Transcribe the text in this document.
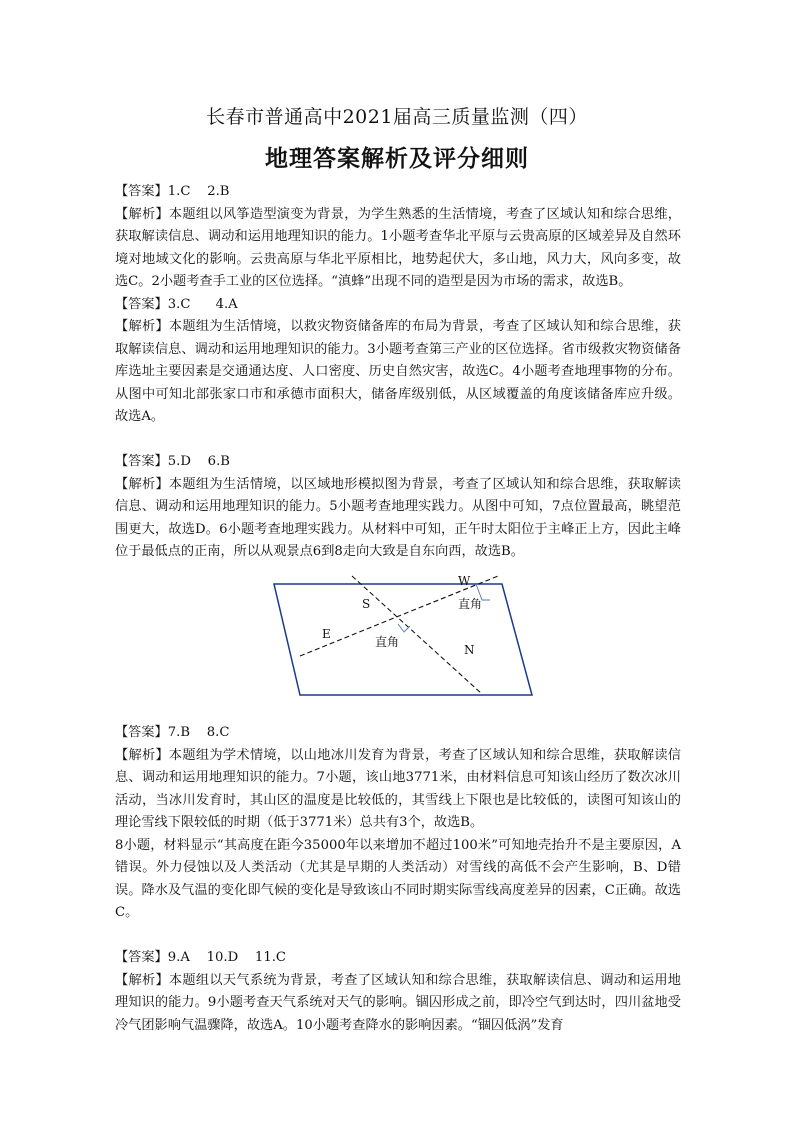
长春市普通高中2021届高三质量监测（四）
地理答案解析及评分细则

【答案】1.C    2.B

【解析】本题组以风筝造型演变为背景，为学生熟悉的生活情境，考查了区域认知和综合思维，获取解读信息、调动和运用地理知识的能力。1小题考查华北平原与云贵高原的区域差异及自然环境对地域文化的影响。云贵高原与华北平原相比，地势起伏大，多山地，风力大，风向多变，故选C。2小题考查手工业的区位选择。“滇蜂”出现不同的造型是因为市场的需求，故选B。

【答案】3.C      4.A

【解析】本题组为生活情境，以救灾物资储备库的布局为背景，考查了区域认知和综合思维，获取解读信息、调动和运用地理知识的能力。3小题考查第三产业的区位选择。省市级救灾物资储备库选址主要因素是交通通达度、人口密度、历史自然灾害，故选C。4小题考查地理事物的分布。从图中可知北部张家口市和承德市面积大，储备库级别低，从区域覆盖的角度该储备库应升级。故选A。

【答案】5.D    6.B

【解析】本题组为生活情境，以区域地形模拟图为背景，考查了区域认知和综合思维，获取解读信息、调动和运用地理知识的能力。5小题考查地理实践力。从图中可知，7点位置最高，眺望范围更大，故选D。6小题考查地理实践力。从材料中可知，正午时太阳位于主峰正上方，因此主峰位于最低点的正南，所以从观景点6到8走向大致是自东向西，故选B。

W
S
E
N
直角
直角

【答案】7.B    8.C

【解析】本题组为学术情境，以山地冰川发育为背景，考查了区域认知和综合思维，获取解读信息、调动和运用地理知识的能力。7小题，该山地3771米，由材料信息可知该山经历了数次冰川活动，当冰川发育时，其山区的温度是比较低的，其雪线上下限也是比较低的，读图可知该山的理论雪线下限较低的时期（低于3771米）总共有3个，故选B。

8小题，材料显示“其高度在距今35000年以来增加不超过100米”可知地壳抬升不是主要原因，A错误。外力侵蚀以及人类活动（尤其是早期的人类活动）对雪线的高低不会产生影响，B、D错误。降水及气温的变化即气候的变化是导致该山不同时期实际雪线高度差异的因素，C正确。故选C。

【答案】9.A    10.D    11.C

【解析】本题组以天气系统为背景，考查了区域认知和综合思维，获取解读信息、调动和运用地理知识的能力。9小题考查天气系统对天气的影响。锢囚形成之前，即冷空气到达时，四川盆地受冷气团影响气温骤降，故选A。10小题考查降水的影响因素。“锢囚低涡”发育
